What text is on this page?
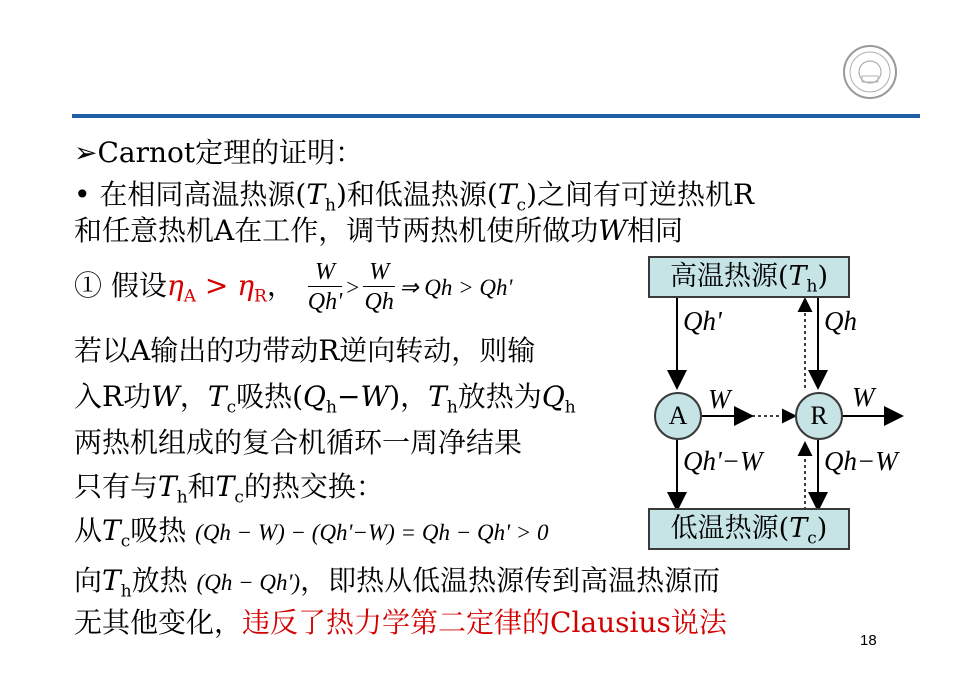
➢Carnot定理的证明：
• 在相同高温热源$(T_h)$和低温热源$(T_c)$之间有可逆热机R
和任意热机A在工作，调节两热机使所做功W相同
① 假设$\eta_A > \eta_R$， $\frac{W}{Qh'} > \frac{W}{Qh}$ ⇒ Qh > Qh'
若以A输出的功带动R逆向转动，则输
入R功W，$T_c$吸热$(Q_h-W)$，$T_h$放热为$Q_h$
两热机组成的复合机循环一周净结果
只有与$T_h$和$T_c$的热交换：
从$T_c$吸热 (Qh − W) − (Qh'−W) = Qh − Qh' > 0
向$T_h$放热 (Qh − Qh')，即热从低温热源传到高温热源而
无其他变化，违反了热力学第二定律的Clausius说法
高温热源$(T_h)$
低温热源$(T_c)$
A	R
Qh'	Qh
W	W
Qh'−W Qh−W
18
